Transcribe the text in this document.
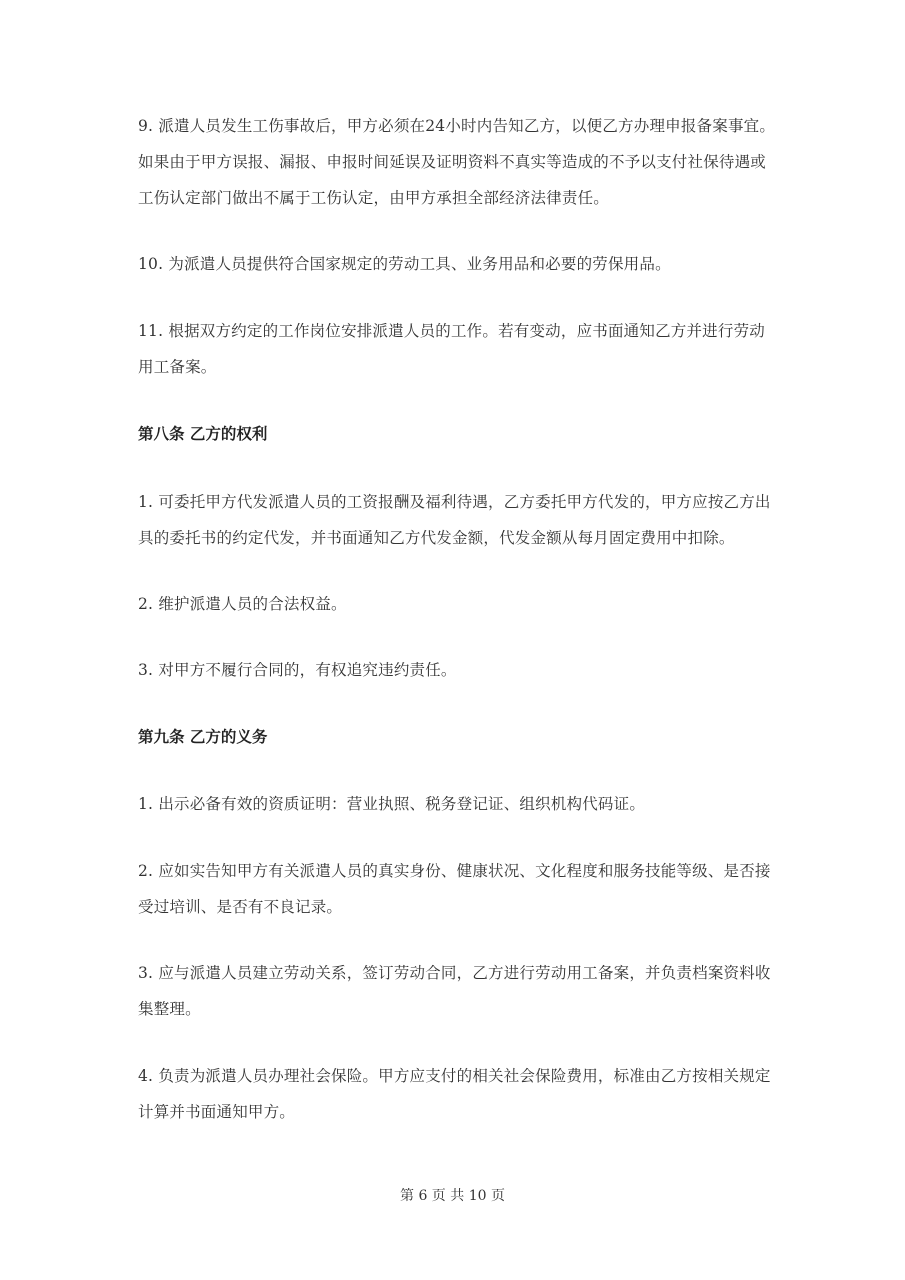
9. 派遣人员发生工伤事故后，甲方必须在24小时内告知乙方，以便乙方办理申报备案事宜。如果由于甲方误报、漏报、申报时间延误及证明资料不真实等造成的不予以支付社保待遇或工伤认定部门做出不属于工伤认定，由甲方承担全部经济法律责任。

10. 为派遣人员提供符合国家规定的劳动工具、业务用品和必要的劳保用品。

11. 根据双方约定的工作岗位安排派遣人员的工作。若有变动，应书面通知乙方并进行劳动用工备案。

第八条 乙方的权利

1. 可委托甲方代发派遣人员的工资报酬及福利待遇，乙方委托甲方代发的，甲方应按乙方出具的委托书的约定代发，并书面通知乙方代发金额，代发金额从每月固定费用中扣除。

2. 维护派遣人员的合法权益。

3. 对甲方不履行合同的，有权追究违约责任。

第九条 乙方的义务

1. 出示必备有效的资质证明：营业执照、税务登记证、组织机构代码证。

2. 应如实告知甲方有关派遣人员的真实身份、健康状况、文化程度和服务技能等级、是否接受过培训、是否有不良记录。

3. 应与派遣人员建立劳动关系，签订劳动合同，乙方进行劳动用工备案，并负责档案资料收集整理。

4. 负责为派遣人员办理社会保险。甲方应支付的相关社会保险费用，标准由乙方按相关规定计算并书面通知甲方。

第 6 页 共 10 页
